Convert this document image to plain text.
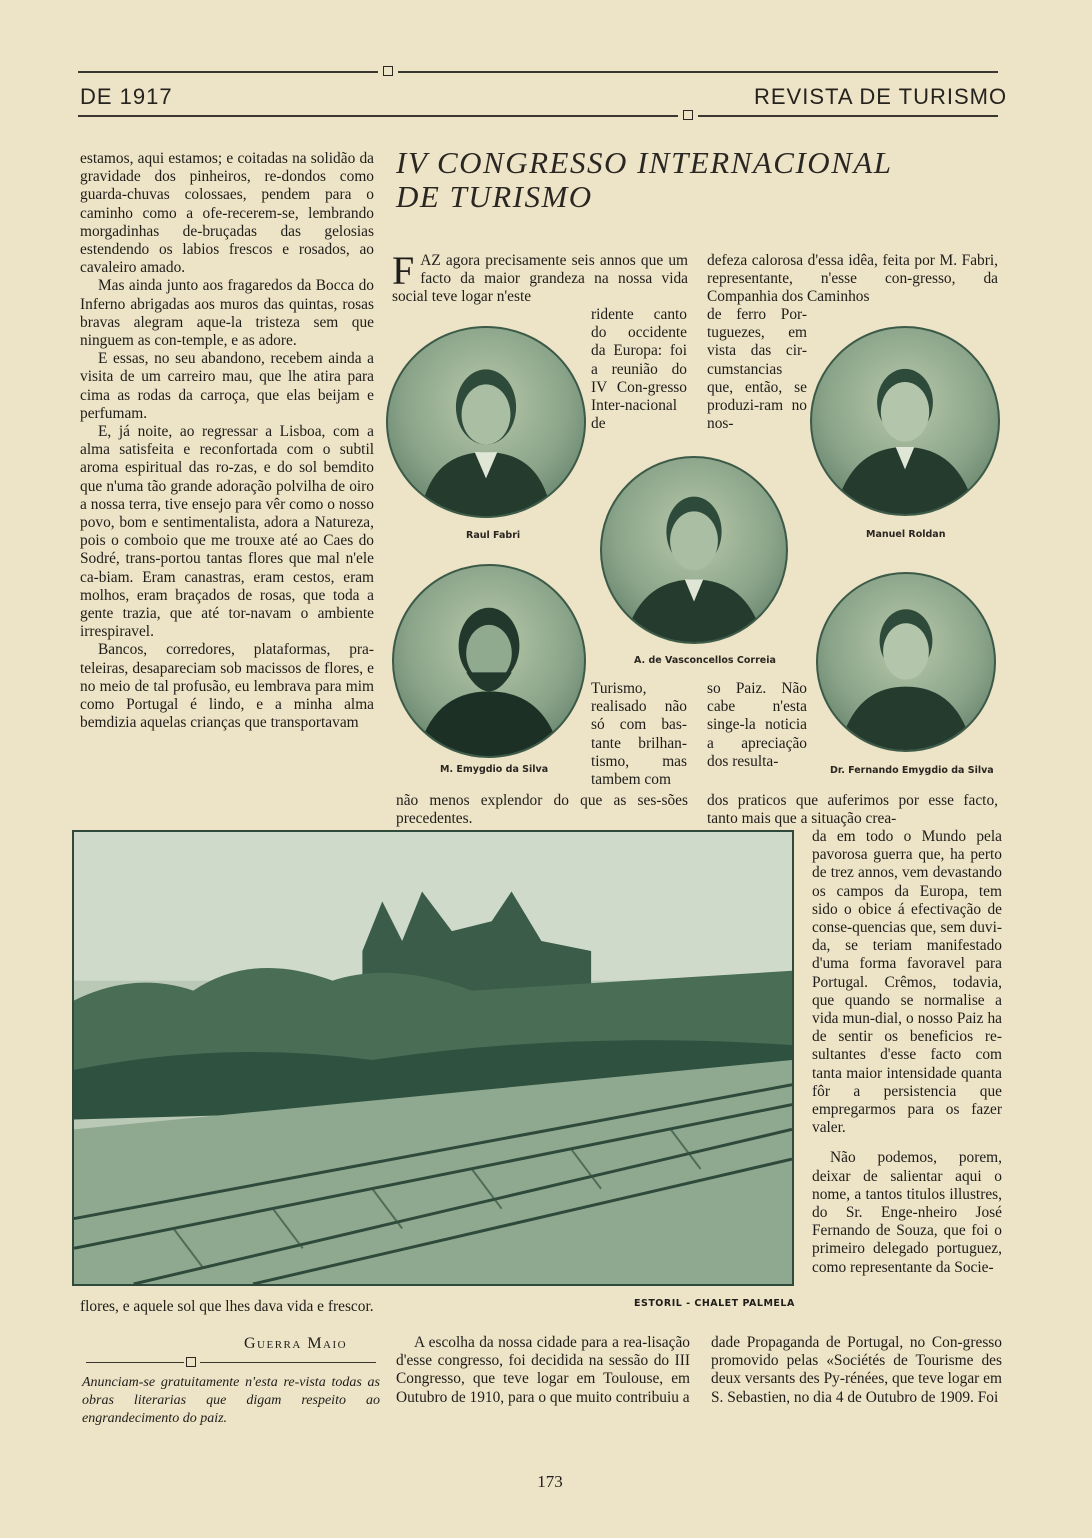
DE 1917	REVISTA DE TURISMO

estamos, aqui estamos; e coitadas na solidão da gravidade dos pinheiros, re-dondos como guarda-chuvas colossaes, pendem para o caminho como a ofe-recerem-se, lembrando morgadinhas de-bruçadas das gelosias estendendo os labios frescos e rosados, ao cavaleiro amado.

Mas ainda junto aos fragaredos da Bocca do Inferno abrigadas aos muros das quintas, rosas bravas alegram aque-la tristeza sem que ninguem as con-temple, e as adore.

E essas, no seu abandono, recebem ainda a visita de um carreiro mau, que lhe atira para cima as rodas da carroça, que elas beijam e perfumam.

E, já noite, ao regressar a Lisboa, com a alma satisfeita e reconfortada com o subtil aroma espiritual das ro-zas, e do sol bemdito que n'uma tão grande adoração polvilha de oiro a nossa terra, tive ensejo para vêr como o nosso povo, bom e sentimentalista, adora a Natureza, pois o comboio que me trouxe até ao Caes do Sodré, trans-portou tantas flores que mal n'ele ca-biam. Eram canastras, eram cestos, eram molhos, eram braçados de rosas, que toda a gente trazia, que até tor-navam o ambiente irrespiravel.

Bancos, corredores, plataformas, pra-teleiras, desapareciam sob macissos de flores, e no meio de tal profusão, eu lembrava para mim como Portugal é lindo, e a minha alma bemdizia aquelas crianças que transportavam

IV CONGRESSO INTERNACIONAL
DE TURISMO
F AZ agora precisamente seis annos que um facto da maior grandeza na nossa vida social teve logar n'este

defeza calorosa d'essa idêa, feita por M. Fabri, representante, n'esse con-gresso, da Companhia dos Caminhos

ridente canto do occidente da Europa: foi a reunião do IV Con-gresso Inter-nacional de

de ferro Por-tuguezes, em vista das cir-cumstancias que, então, se produzi-ram no nos-

Raul Fabri	Manuel Roldan
A. de Vasconcellos Correia
M. Emygdio da Silva	Dr. Fernando Emygdio da Silva

Turismo, realisado não só com bas-tante brilhan-tismo, mas tambem com

so Paiz. Não cabe n'esta singe-la noticia a apreciação dos resulta-

não menos explendor do que as ses-sões precedentes.

dos praticos que auferimos por esse facto, tanto mais que a situação crea-

da em todo o Mundo pela pavorosa guerra que, ha perto de trez annos, vem devastando os campos da Europa, tem sido o obice á efectivação de conse-quencias que, sem duvi-da, se teriam manifestado d'uma forma favoravel para Portugal. Crêmos, todavia, que quando se normalise a vida mun-dial, o nosso Paiz ha de sentir os beneficios re-sultantes d'esse facto com tanta maior intensidade quanta fôr a persistencia que empregarmos para os fazer valer.

Não podemos, porem, deixar de salientar aqui o nome, a tantos titulos illustres, do Sr. Enge-nheiro José Fernando de Souza, que foi o primeiro delegado portuguez, como representante da Socie-

ESTORIL - CHALET PALMELA

flores, e aquele sol que lhes dava vida e frescor.

Guerra Maio
Anunciam-se gratuitamente n'esta re-vista todas as obras literarias que digam respeito ao engrandecimento do paiz.

A escolha da nossa cidade para a rea-lisação d'esse congresso, foi decidida na sessão do III Congresso, que teve logar em Toulouse, em Outubro de 1910, para o que muito contribuiu a

dade Propaganda de Portugal, no Con-gresso promovido pelas «Sociétés de Tourisme des deux versants des Py-rénées, que teve logar em S. Sebastien, no dia 4 de Outubro de 1909. Foi

173
